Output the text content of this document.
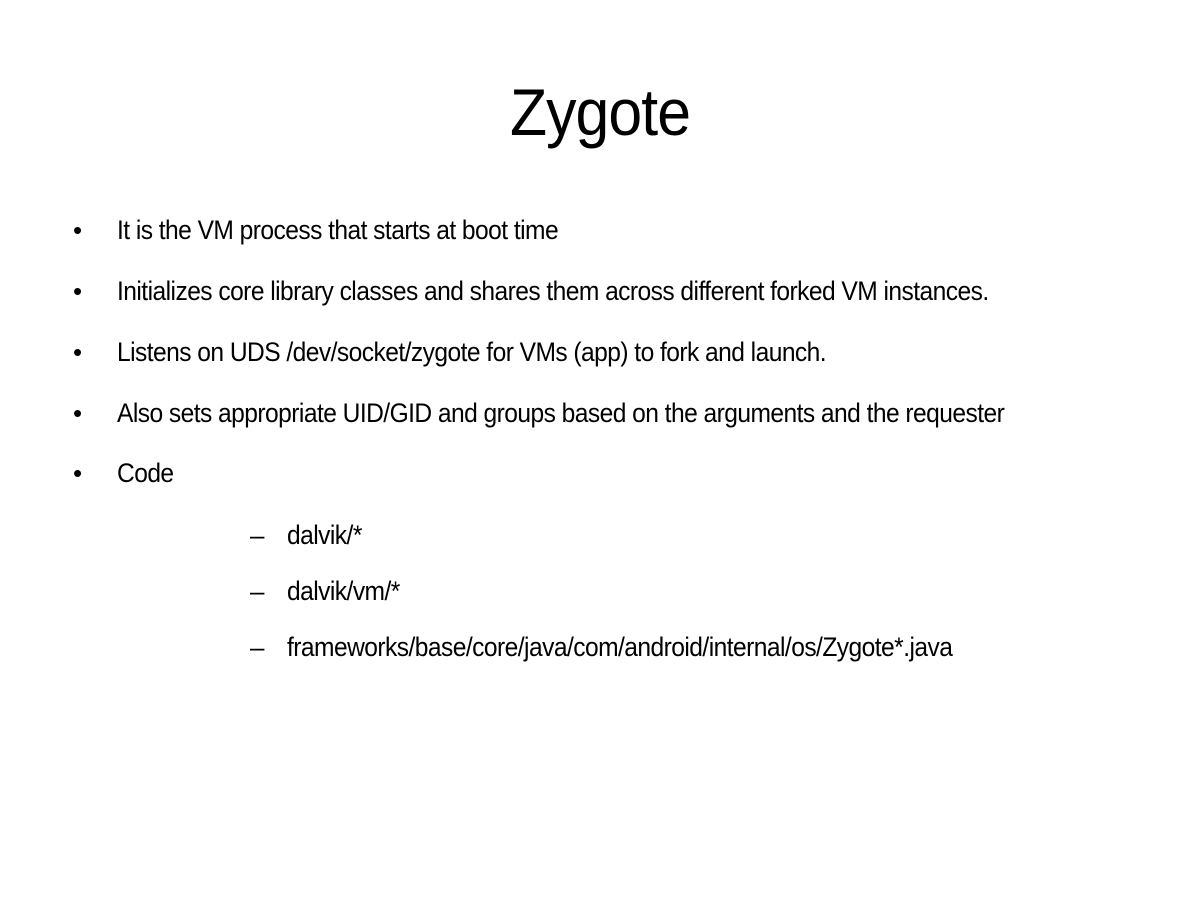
Zygote
• It is the VM process that starts at boot time
• Initializes core library classes and shares them across different forked VM instances.
• Listens on UDS /dev/socket/zygote for VMs (app) to fork and launch.
• Also sets appropriate UID/GID and groups based on the arguments and the requester
• Code
– dalvik/*
– dalvik/vm/*
– frameworks/base/core/java/com/android/internal/os/Zygote*.java
